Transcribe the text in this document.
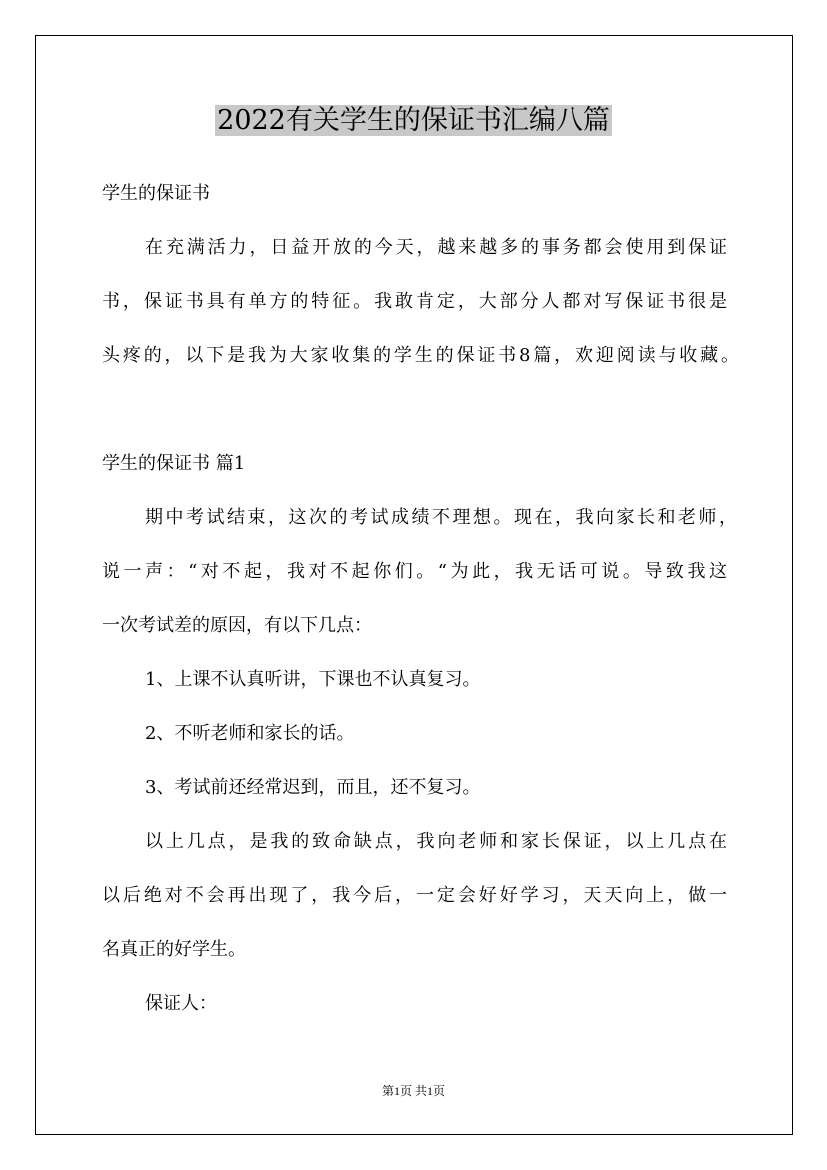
2022有关学生的保证书汇编八篇
学生的保证书
在充满活力，日益开放的今天，越来越多的事务都会使用到保证
书，保证书具有单方的特征。我敢肯定，大部分人都对写保证书很是
头疼的，以下是我为大家收集的学生的保证书8篇，欢迎阅读与收藏。
学生的保证书 篇1
期中考试结束，这次的考试成绩不理想。现在，我向家长和老师，
说一声：“对不起，我对不起你们。“为此，我无话可说。导致我这
一次考试差的原因，有以下几点：
1、上课不认真听讲，下课也不认真复习。
2、不听老师和家长的话。
3、考试前还经常迟到，而且，还不复习。
以上几点，是我的致命缺点，我向老师和家长保证，以上几点在
以后绝对不会再出现了，我今后，一定会好好学习，天天向上，做一
名真正的好学生。
保证人：
第1页 共1页
